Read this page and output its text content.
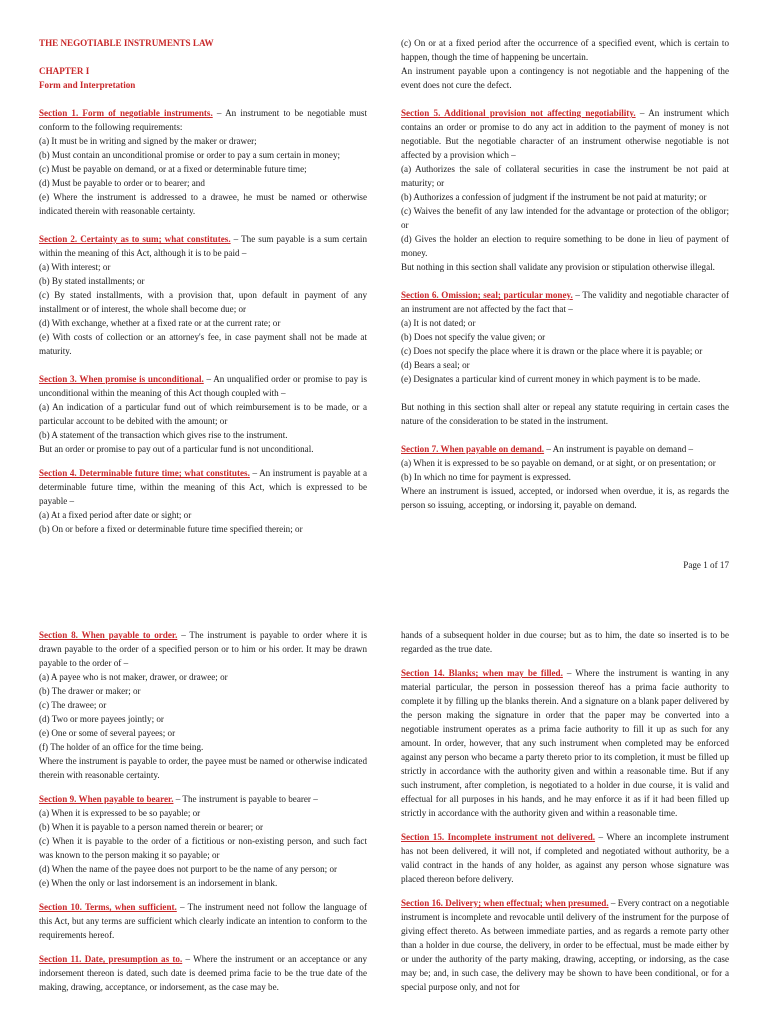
THE NEGOTIABLE INSTRUMENTS LAW

CHAPTER I

Form and Interpretation

Section 1. Form of negotiable instruments. – An instrument to be negotiable must conform to the following requirements:

(a) It must be in writing and signed by the maker or drawer;

(b) Must contain an unconditional promise or order to pay a sum certain in money;

(c) Must be payable on demand, or at a fixed or determinable future time;

(d) Must be payable to order or to bearer; and

(e) Where the instrument is addressed to a drawee, he must be named or otherwise indicated therein with reasonable certainty.

Section 2. Certainty as to sum; what constitutes. – The sum payable is a sum certain within the meaning of this Act, although it is to be paid –

(a) With interest; or

(b) By stated installments; or

(c) By stated installments, with a provision that, upon default in payment of any installment or of interest, the whole shall become due; or

(d) With exchange, whether at a fixed rate or at the current rate; or

(e) With costs of collection or an attorney's fee, in case payment shall not be made at maturity.

Section 3. When promise is unconditional. – An unqualified order or promise to pay is unconditional within the meaning of this Act though coupled with –

(a) An indication of a particular fund out of which reimbursement is to be made, or a particular account to be debited with the amount; or

(b) A statement of the transaction which gives rise to the instrument.

But an order or promise to pay out of a particular fund is not unconditional.

Section 4. Determinable future time; what constitutes. – An instrument is payable at a determinable future time, within the meaning of this Act, which is expressed to be payable –

(a) At a fixed period after date or sight; or

(b) On or before a fixed or determinable future time specified therein; or

(c) On or at a fixed period after the occurrence of a specified event, which is certain to happen, though the time of happening be uncertain.

An instrument payable upon a contingency is not negotiable and the happening of the event does not cure the defect.

Section 5. Additional provision not affecting negotiability. – An instrument which contains an order or promise to do any act in addition to the payment of money is not negotiable. But the negotiable character of an instrument otherwise negotiable is not affected by a provision which –

(a) Authorizes the sale of collateral securities in case the instrument be not paid at maturity; or

(b) Authorizes a confession of judgment if the instrument be not paid at maturity; or

(c) Waives the benefit of any law intended for the advantage or protection of the obligor; or

(d) Gives the holder an election to require something to be done in lieu of payment of money.

But nothing in this section shall validate any provision or stipulation otherwise illegal.

Section 6. Omission; seal; particular money. – The validity and negotiable character of an instrument are not affected by the fact that –

(a) It is not dated; or

(b) Does not specify the value given; or

(c) Does not specify the place where it is drawn or the place where it is payable; or

(d) Bears a seal; or

(e) Designates a particular kind of current money in which payment is to be made.

But nothing in this section shall alter or repeal any statute requiring in certain cases the nature of the consideration to be stated in the instrument.

Section 7. When payable on demand. – An instrument is payable on demand –

(a) When it is expressed to be so payable on demand, or at sight, or on presentation; or

(b) In which no time for payment is expressed.

Where an instrument is issued, accepted, or indorsed when overdue, it is, as regards the person so issuing, accepting, or indorsing it, payable on demand.

Page 1 of 17

Section 8. When payable to order. – The instrument is payable to order where it is drawn payable to the order of a specified person or to him or his order. It may be drawn payable to the order of –

(a) A payee who is not maker, drawer, or drawee; or

(b) The drawer or maker; or

(c) The drawee; or

(d) Two or more payees jointly; or

(e) One or some of several payees; or

(f) The holder of an office for the time being.

Where the instrument is payable to order, the payee must be named or otherwise indicated therein with reasonable certainty.

Section 9. When payable to bearer. – The instrument is payable to bearer –

(a) When it is expressed to be so payable; or

(b) When it is payable to a person named therein or bearer; or

(c) When it is payable to the order of a fictitious or non-existing person, and such fact was known to the person making it so payable; or

(d) When the name of the payee does not purport to be the name of any person; or

(e) When the only or last indorsement is an indorsement in blank.

Section 10. Terms, when sufficient. – The instrument need not follow the language of this Act, but any terms are sufficient which clearly indicate an intention to conform to the requirements hereof.

Section 11. Date, presumption as to. – Where the instrument or an acceptance or any indorsement thereon is dated, such date is deemed prima facie to be the true date of the making, drawing, acceptance, or indorsement, as the case may be.

hands of a subsequent holder in due course; but as to him, the date so inserted is to be regarded as the true date.

Section 14. Blanks; when may be filled. – Where the instrument is wanting in any material particular, the person in possession thereof has a prima facie authority to complete it by filling up the blanks therein. And a signature on a blank paper delivered by the person making the signature in order that the paper may be converted into a negotiable instrument operates as a prima facie authority to fill it up as such for any amount. In order, however, that any such instrument when completed may be enforced against any person who became a party thereto prior to its completion, it must be filled up strictly in accordance with the authority given and within a reasonable time. But if any such instrument, after completion, is negotiated to a holder in due course, it is valid and effectual for all purposes in his hands, and he may enforce it as if it had been filled up strictly in accordance with the authority given and within a reasonable time.

Section 15. Incomplete instrument not delivered. – Where an incomplete instrument has not been delivered, it will not, if completed and negotiated without authority, be a valid contract in the hands of any holder, as against any person whose signature was placed thereon before delivery.

Section 16. Delivery; when effectual; when presumed. – Every contract on a negotiable instrument is incomplete and revocable until delivery of the instrument for the purpose of giving effect thereto. As between immediate parties, and as regards a remote party other than a holder in due course, the delivery, in order to be effectual, must be made either by or under the authority of the party making, drawing, accepting, or indorsing, as the case may be; and, in such case, the delivery may be shown to have been conditional, or for a special purpose only, and not for
